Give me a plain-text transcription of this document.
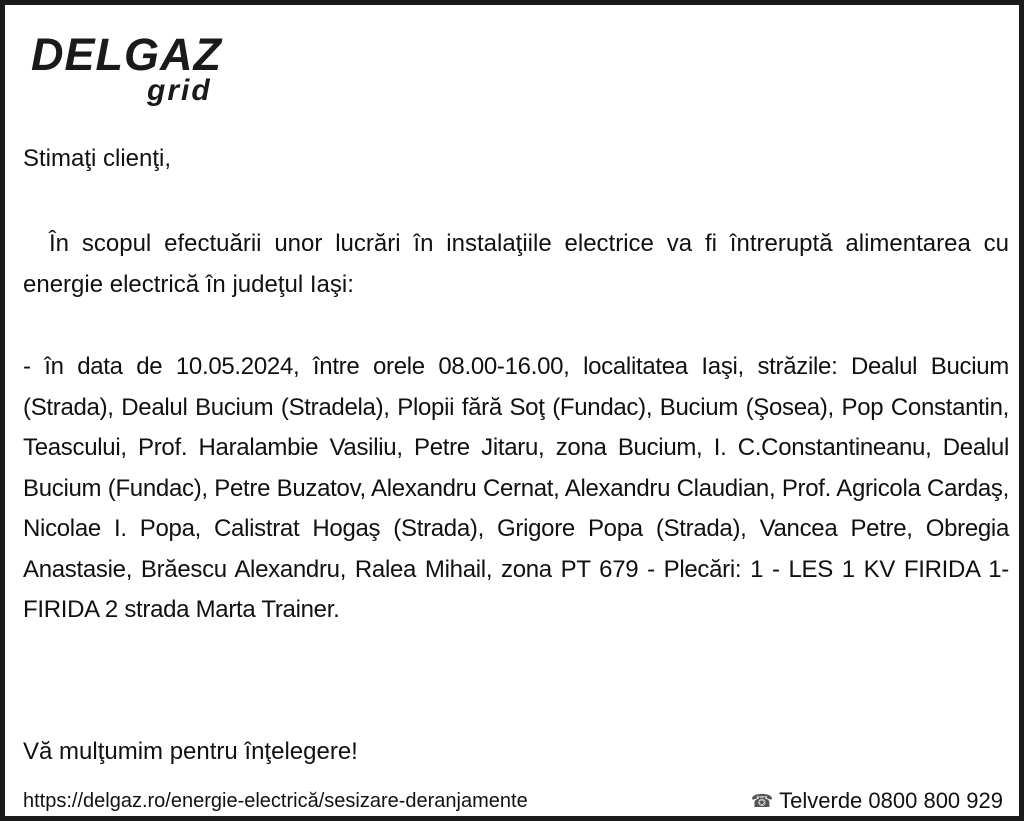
DELGAZ
grid
Stimaţi clienţi,
În scopul efectuării unor lucrări în instalaţiile electrice va fi întreruptă alimentarea cu energie electrică în judeţul Iaşi:
- în data de 10.05.2024, între orele 08.00-16.00, localitatea Iaşi, străzile: Dealul Bucium (Strada), Dealul Bucium (Stradela), Plopii fără Soţ (Fundac), Bucium (Şosea), Pop Constantin, Teascului, Prof. Haralambie Vasiliu, Petre Jitaru, zona Bucium, I. C.Constantineanu, Dealul Bucium (Fundac), Petre Buzatov, Alexandru Cernat, Alexandru Claudian, Prof. Agricola Cardaş, Nicolae I. Popa, Calistrat Hogaş (Strada), Grigore Popa (Strada), Vancea Petre, Obregia Anastasie, Brăescu Alexandru, Ralea Mihail, zona PT 679 - Plecări: 1 - LES 1 KV FIRIDA 1-FIRIDA 2 strada Marta Trainer.
Vă mulţumim pentru înţelegere!
https://delgaz.ro/energie-electrică/sesizare-deranjamente	☎ Telverde 0800 800 929
